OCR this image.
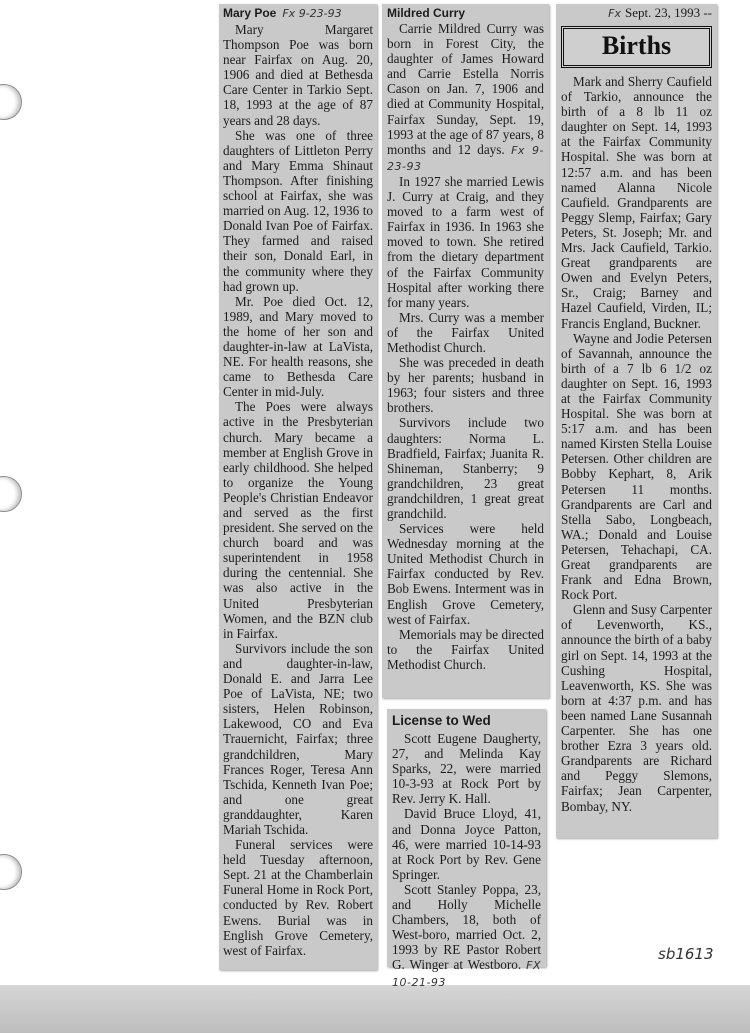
Mary Poe Fx 9-23-93

Mary Margaret Thompson Poe was born near Fairfax on Aug. 20, 1906 and died at Bethesda Care Center in Tarkio Sept. 18, 1993 at the age of 87 years and 28 days.

She was one of three daughters of Littleton Perry and Mary Emma Shinaut Thompson. After finishing school at Fairfax, she was married on Aug. 12, 1936 to Donald Ivan Poe of Fairfax. They farmed and raised their son, Donald Earl, in the community where they had grown up.

Mr. Poe died Oct. 12, 1989, and Mary moved to the home of her son and daughter-in-law at LaVista, NE. For health reasons, she came to Bethesda Care Center in mid-July.

The Poes were always active in the Presbyterian church. Mary became a member at English Grove in early childhood. She helped to organize the Young People's Christian Endeavor and served as the first president. She served on the church board and was superintendent in 1958 during the centennial. She was also active in the United Presbyterian Women, and the BZN club in Fairfax.

Survivors include the son and daughter-in-law, Donald E. and Jarra Lee Poe of LaVista, NE; two sisters, Helen Robinson, Lakewood, CO and Eva Trauernicht, Fairfax; three grandchildren, Mary Frances Roger, Teresa Ann Tschida, Kenneth Ivan Poe; and one great granddaughter, Karen Mariah Tschida.

Funeral services were held Tuesday afternoon, Sept. 21 at the Chamberlain Funeral Home in Rock Port, conducted by Rev. Robert Ewens. Burial was in English Grove Cemetery, west of Fairfax.

Mildred Curry

Carrie Mildred Curry was born in Forest City, the daughter of James Howard and Carrie Estella Norris Cason on Jan. 7, 1906 and died at Community Hospital, Fairfax Sunday, Sept. 19, 1993 at the age of 87 years, 8 months and 12 days. Fx 9-23-93

In 1927 she married Lewis J. Curry at Craig, and they moved to a farm west of Fairfax in 1936. In 1963 she moved to town. She retired from the dietary department of the Fairfax Community Hospital after working there for many years.

Mrs. Curry was a member of the Fairfax United Methodist Church.

She was preceded in death by her parents; husband in 1963; four sisters and three brothers.

Survivors include two daughters: Norma L. Bradfield, Fairfax; Juanita R. Shineman, Stanberry; 9 grandchildren, 23 great grandchildren, 1 great great grandchild.

Services were held Wednesday morning at the United Methodist Church in Fairfax conducted by Rev. Bob Ewens. Interment was in English Grove Cemetery, west of Fairfax.

Memorials may be directed to the Fairfax United Methodist Church.

Fx Sept. 23, 1993 --
Births

Mark and Sherry Caufield of Tarkio, announce the birth of a 8 lb 11 oz daughter on Sept. 14, 1993 at the Fairfax Community Hospital. She was born at 12:57 a.m. and has been named Alanna Nicole Caufield. Grandparents are Peggy Slemp, Fairfax; Gary Peters, St. Joseph; Mr. and Mrs. Jack Caufield, Tarkio. Great grandparents are Owen and Evelyn Peters, Sr., Craig; Barney and Hazel Caufield, Virden, IL; Francis England, Buckner.

Wayne and Jodie Petersen of Savannah, announce the birth of a 7 lb 6 1/2 oz daughter on Sept. 16, 1993 at the Fairfax Community Hospital. She was born at 5:17 a.m. and has been named Kirsten Stella Louise Petersen. Other children are Bobby Kephart, 8, Arik Petersen 11 months. Grandparents are Carl and Stella Sabo, Longbeach, WA.; Donald and Louise Petersen, Tehachapi, CA. Great grandparents are Frank and Edna Brown, Rock Port.

Glenn and Susy Carpenter of Levenworth, KS., announce the birth of a baby girl on Sept. 14, 1993 at the Cushing Hospital, Leavenworth, KS. She was born at 4:37 p.m. and has been named Lane Susannah Carpenter. She has one brother Ezra 3 years old. Grandparents are Richard and Peggy Slemons, Fairfax; Jean Carpenter, Bombay, NY.

License to Wed

Scott Eugene Daugherty, 27, and Melinda Kay Sparks, 22, were married 10-3-93 at Rock Port by Rev. Jerry K. Hall.

David Bruce Lloyd, 41, and Donna Joyce Patton, 46, were married 10-14-93 at Rock Port by Rev. Gene Springer.

Scott Stanley Poppa, 23, and Holly Michelle Chambers, 18, both of West-boro, married Oct. 2, 1993 by RE Pastor Robert G. Winger at Westboro. FX 10-21-93

sb1613
